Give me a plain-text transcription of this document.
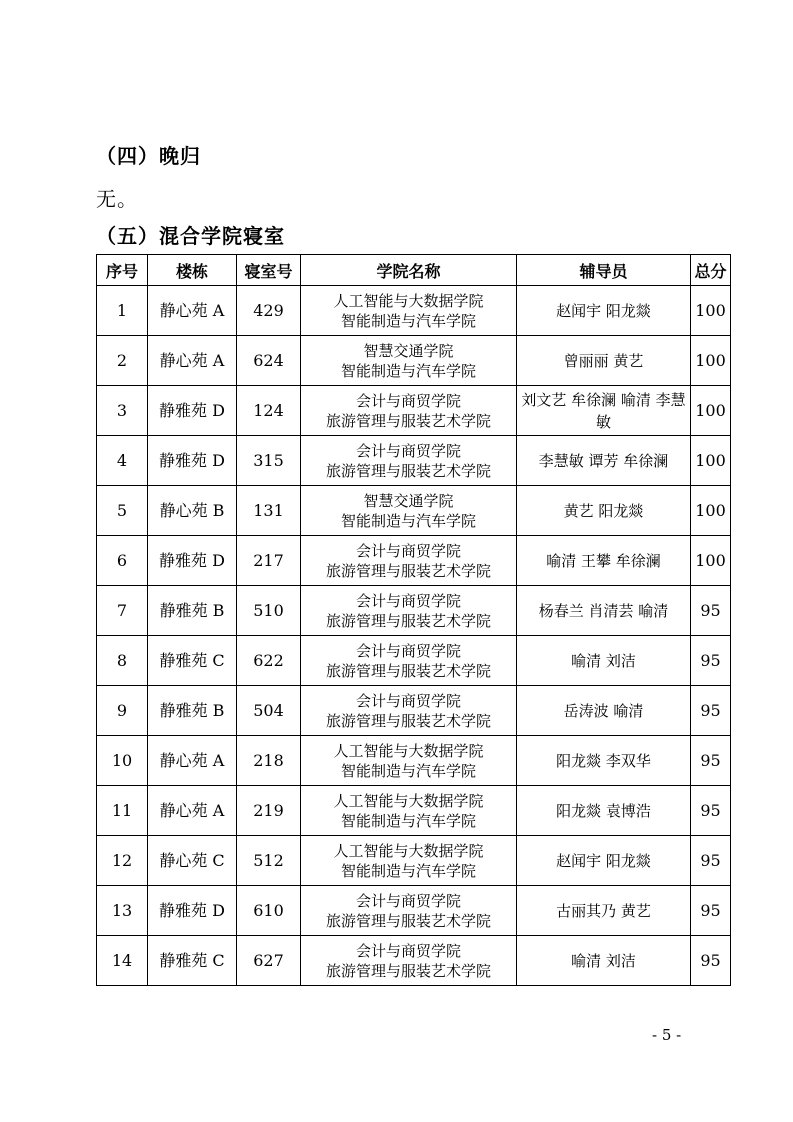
（四）晚归
无。
（五）混合学院寝室
序号	楼栋	寝室号	学院名称	辅导员	总分
1	静心苑 A	429	人工智能与大数据学院
智能制造与汽车学院	赵闻宇 阳龙燚	100
2	静心苑 A	624	智慧交通学院
智能制造与汽车学院	曾丽丽 黄艺	100
3	静雅苑 D	124	会计与商贸学院
旅游管理与服装艺术学院	刘文艺 牟徐澜 喻清 李慧敏	100
4	静雅苑 D	315	会计与商贸学院
旅游管理与服装艺术学院	李慧敏 谭芳 牟徐澜	100
5	静心苑 B	131	智慧交通学院
智能制造与汽车学院	黄艺 阳龙燚	100
6	静雅苑 D	217	会计与商贸学院
旅游管理与服装艺术学院	喻清 王攀 牟徐澜	100
7	静雅苑 B	510	会计与商贸学院
旅游管理与服装艺术学院	杨春兰 肖清芸 喻清	95
8	静雅苑 C	622	会计与商贸学院
旅游管理与服装艺术学院	喻清 刘洁	95
9	静雅苑 B	504	会计与商贸学院
旅游管理与服装艺术学院	岳涛波 喻清	95
10	静心苑 A	218	人工智能与大数据学院
智能制造与汽车学院	阳龙燚 李双华	95
11	静心苑 A	219	人工智能与大数据学院
智能制造与汽车学院	阳龙燚 袁博浩	95
12	静心苑 C	512	人工智能与大数据学院
智能制造与汽车学院	赵闻宇 阳龙燚	95
13	静雅苑 D	610	会计与商贸学院
旅游管理与服装艺术学院	古丽其乃 黄艺	95
14	静雅苑 C	627	会计与商贸学院
旅游管理与服装艺术学院	喻清 刘洁	95
- 5 -
